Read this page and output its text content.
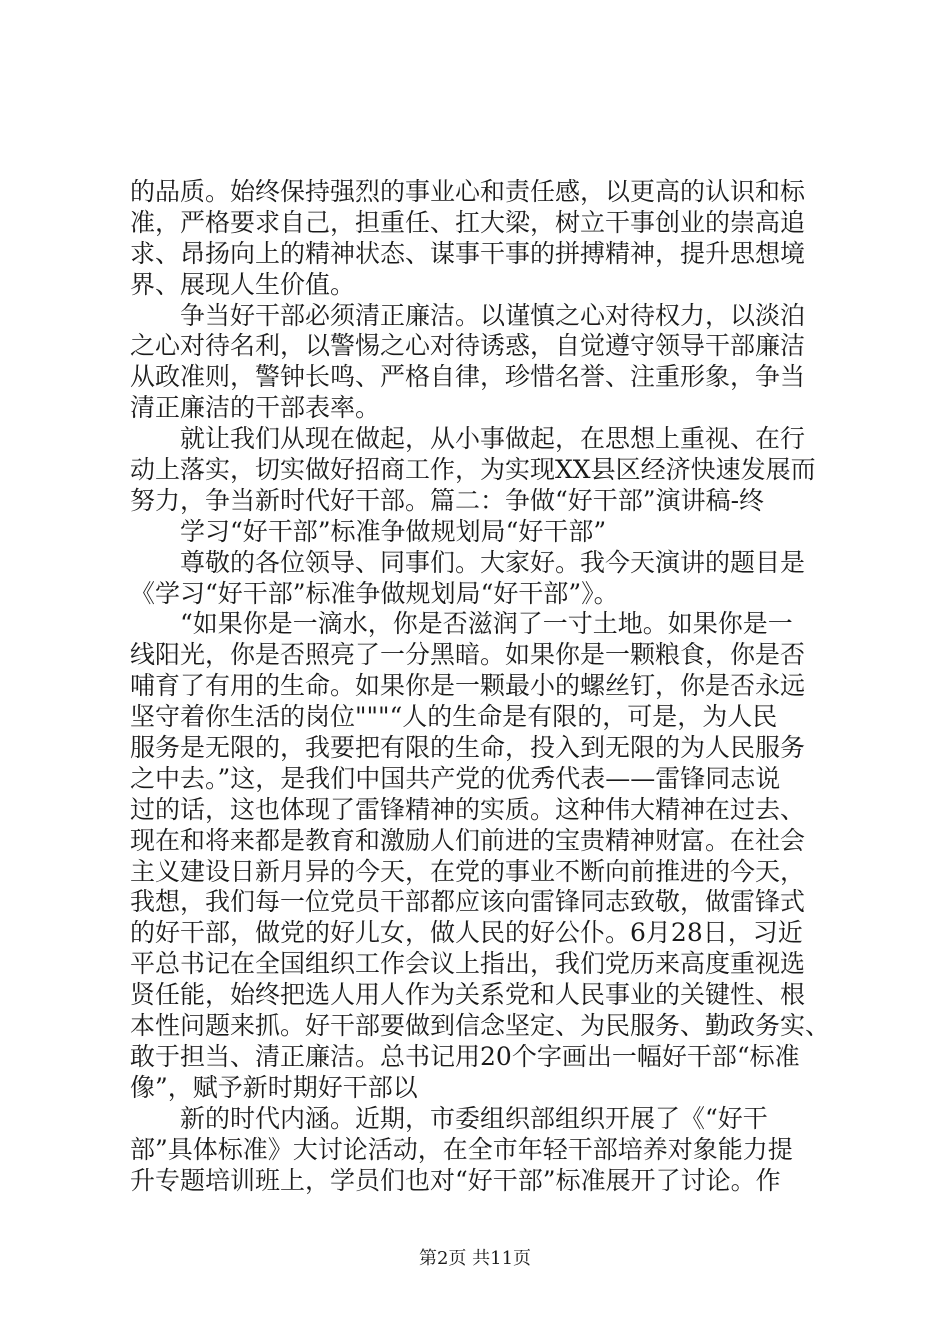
的品质。始终保持强烈的事业心和责任感，以更高的认识和标
准，严格要求自己，担重任、扛大梁，树立干事创业的崇高追
求、昂扬向上的精神状态、谋事干事的拼搏精神，提升思想境
界、展现人生价值。
　　争当好干部必须清正廉洁。以谨慎之心对待权力，以淡泊
之心对待名利，以警惕之心对待诱惑，自觉遵守领导干部廉洁
从政准则，警钟长鸣、严格自律，珍惜名誉、注重形象，争当
清正廉洁的干部表率。
　　就让我们从现在做起，从小事做起，在思想上重视、在行
动上落实，切实做好招商工作，为实现XX县区经济快速发展而
努力，争当新时代好干部。篇二：争做“好干部”演讲稿-终
　　学习“好干部”标准争做规划局“好干部”
　　尊敬的各位领导、同事们。大家好。我今天演讲的题目是
《学习“好干部”标准争做规划局“好干部”》。
　　“如果你是一滴水，你是否滋润了一寸土地。如果你是一
线阳光，你是否照亮了一分黑暗。如果你是一颗粮食，你是否
哺育了有用的生命。如果你是一颗最小的螺丝钉，你是否永远
坚守着你生活的岗位"""“人的生命是有限的，可是，为人民
服务是无限的，我要把有限的生命，投入到无限的为人民服务
之中去。”这，是我们中国共产党的优秀代表——雷锋同志说
过的话，这也体现了雷锋精神的实质。这种伟大精神在过去、
现在和将来都是教育和激励人们前进的宝贵精神财富。在社会
主义建设日新月异的今天，在党的事业不断向前推进的今天，
我想，我们每一位党员干部都应该向雷锋同志致敬，做雷锋式
的好干部，做党的好儿女，做人民的好公仆。6月28日，习近
平总书记在全国组织工作会议上指出，我们党历来高度重视选
贤任能，始终把选人用人作为关系党和人民事业的关键性、根
本性问题来抓。好干部要做到信念坚定、为民服务、勤政务实、
敢于担当、清正廉洁。总书记用20个字画出一幅好干部“标准
像”，赋予新时期好干部以
　　新的时代内涵。近期，市委组织部组织开展了《“好干
部”具体标准》大讨论活动，在全市年轻干部培养对象能力提
升专题培训班上，学员们也对“好干部”标准展开了讨论。作
第2页 共11页
